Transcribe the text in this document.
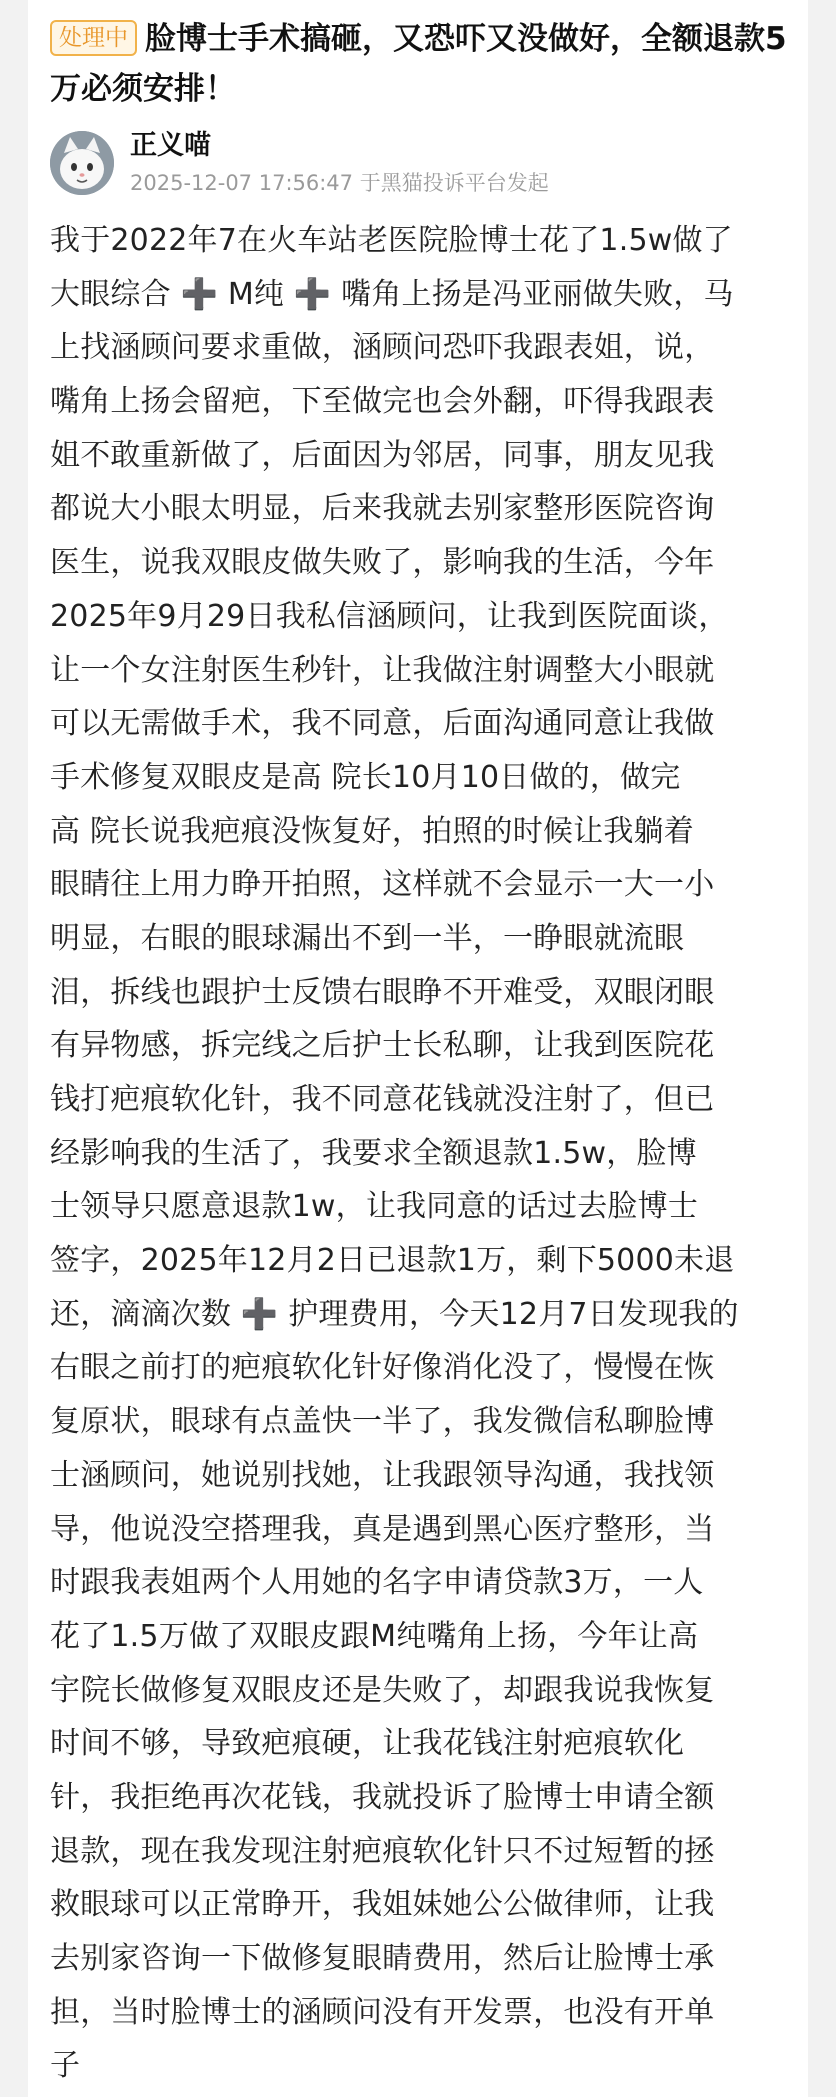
处理中 脸博士手术搞砸，又恐吓又没做好，全额退款5万必须安排！
正义喵
2025-12-07 17:56:47 于黑猫投诉平台发起
我于2022年7在火车站老医院脸博士花了1.5w做了
大眼综合 ➕ M纯 ➕ 嘴角上扬是冯亚丽做失败，马
上找涵顾问要求重做，涵顾问恐吓我跟表姐，说，
嘴角上扬会留疤，下至做完也会外翻，吓得我跟表
姐不敢重新做了，后面因为邻居，同事，朋友见我
都说大小眼太明显，后来我就去别家整形医院咨询
医生，说我双眼皮做失败了，影响我的生活，今年
2025年9月29日我私信涵顾问，让我到医院面谈，
让一个女注射医生秒针，让我做注射调整大小眼就
可以无需做手术，我不同意，后面沟通同意让我做
手术修复双眼皮是高 院长10月10日做的，做完
高 院长说我疤痕没恢复好，拍照的时候让我躺着
眼睛往上用力睁开拍照，这样就不会显示一大一小
明显，右眼的眼球漏出不到一半，一睁眼就流眼
泪，拆线也跟护士反馈右眼睁不开难受，双眼闭眼
有异物感，拆完线之后护士长私聊，让我到医院花
钱打疤痕软化针，我不同意花钱就没注射了，但已
经影响我的生活了，我要求全额退款1.5w，脸博
士领导只愿意退款1w，让我同意的话过去脸博士
签字，2025年12月2日已退款1万，剩下5000未退
还，滴滴次数 ➕ 护理费用，今天12月7日发现我的
右眼之前打的疤痕软化针好像消化没了，慢慢在恢
复原状，眼球有点盖快一半了，我发微信私聊脸博
士涵顾问，她说别找她，让我跟领导沟通，我找领
导，他说没空搭理我，真是遇到黑心医疗整形，当
时跟我表姐两个人用她的名字申请贷款3万，一人
花了1.5万做了双眼皮跟M纯嘴角上扬，今年让高
宇院长做修复双眼皮还是失败了，却跟我说我恢复
时间不够，导致疤痕硬，让我花钱注射疤痕软化
针，我拒绝再次花钱，我就投诉了脸博士申请全额
退款，现在我发现注射疤痕软化针只不过短暂的拯
救眼球可以正常睁开，我姐妹她公公做律师，让我
去别家咨询一下做修复眼睛费用，然后让脸博士承
担，当时脸博士的涵顾问没有开发票，也没有开单
子
